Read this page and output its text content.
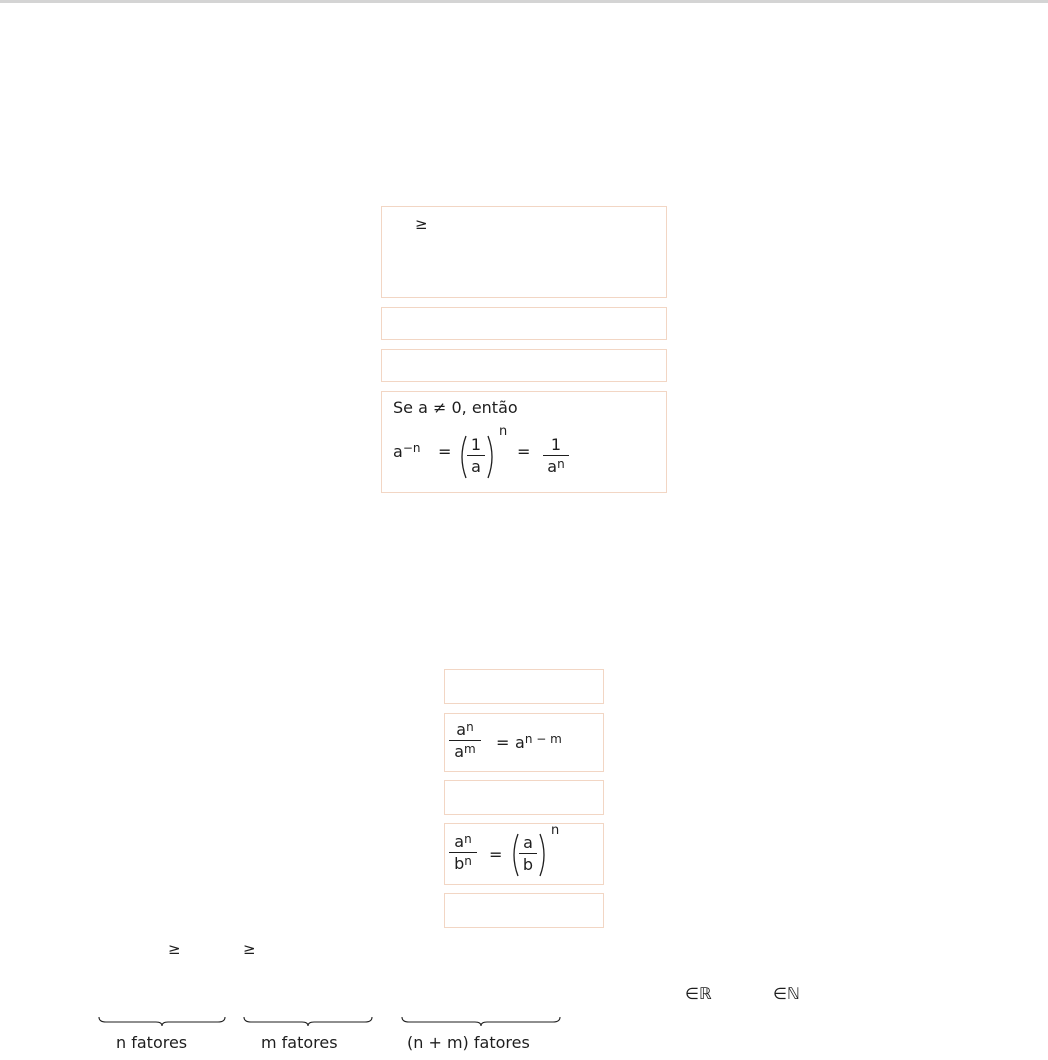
≥
Se a ≠ 0, então
$a^{-n}$ =	1
a
n
=	1
$a^n$
$a^n$
$a^m$	= $a^{n - m}$
$a^n$
$b^n$	=
a
b
n
≥	≥
∈ℝ	∈ℕ
n fatores	m fatores	(n + m) fatores
